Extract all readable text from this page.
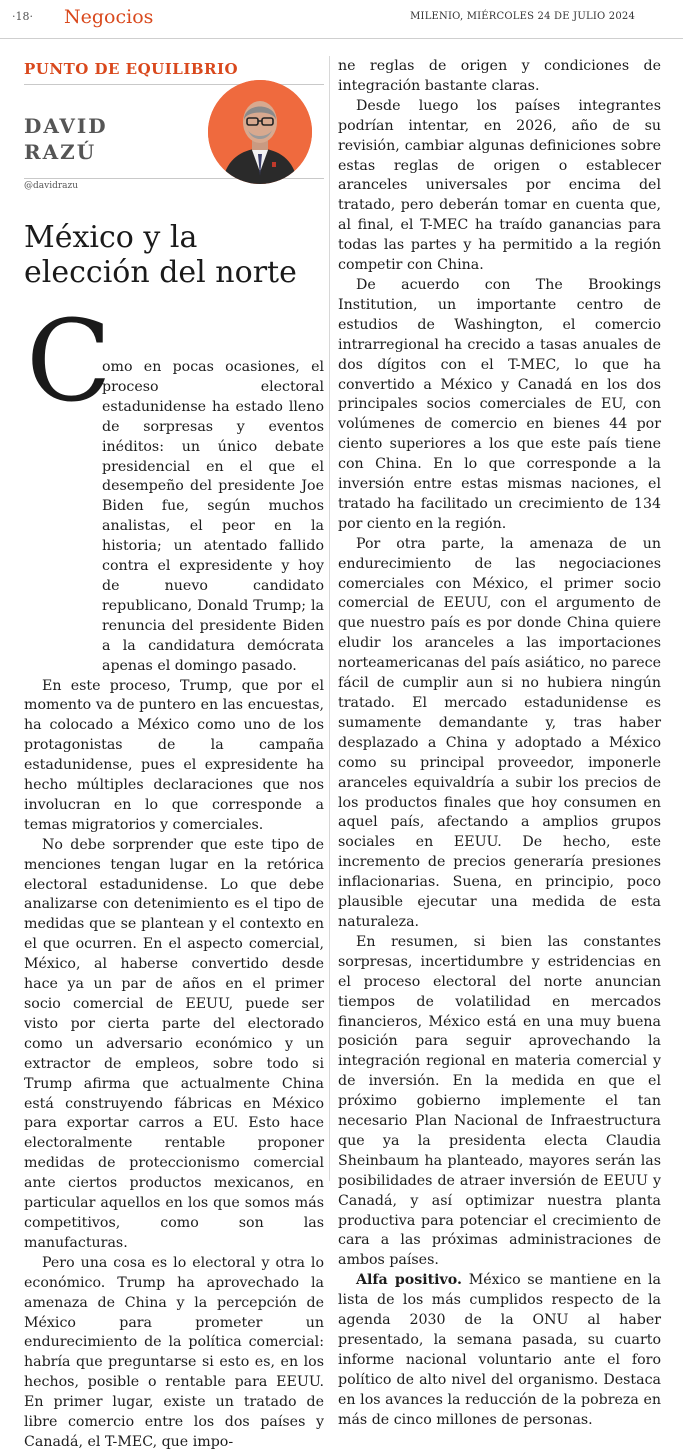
·18· Negocios	MILENIO, MIÉRCOLES 24 DE JULIO 2024
PUNTO DE EQUILIBRIO
DAVID
RAZÚ
@davidrazu
México y la elección del norte
C

omo en pocas ocasiones, el proceso electoral estadunidense ha estado lleno de sorpresas y eventos inéditos: un único debate presidencial en el que el desempeño del presidente Joe Biden fue, según muchos analistas, el peor en la historia; un atentado fallido contra el expresidente y hoy de nuevo candidato republicano, Donald Trump; la renuncia del presidente Biden a la candidatura demócrata apenas el domingo pasado.

En este proceso, Trump, que por el momento va de puntero en las encuestas, ha colocado a México como uno de los protagonistas de la campaña estadunidense, pues el expresidente ha hecho múltiples declaraciones que nos involucran en lo que corresponde a temas migratorios y comerciales.

No debe sorprender que este tipo de menciones tengan lugar en la retórica electoral estadunidense. Lo que debe analizarse con detenimiento es el tipo de medidas que se plantean y el contexto en el que ocurren. En el aspecto comercial, México, al haberse convertido desde hace ya un par de años en el primer socio comercial de EEUU, puede ser visto por cierta parte del electorado como un adversario económico y un extractor de empleos, sobre todo si Trump afirma que actualmente China está construyendo fábricas en México para exportar carros a EU. Esto hace electoralmente rentable proponer medidas de proteccionismo comercial ante ciertos productos mexicanos, en particular aquellos en los que somos más competitivos, como son las manufacturas.

Pero una cosa es lo electoral y otra lo económico. Trump ha aprovechado la amenaza de China y la percepción de México para prometer un endurecimiento de la política comercial: habría que preguntarse si esto es, en los hechos, posible o rentable para EEUU. En primer lugar, existe un tratado de libre comercio entre los dos países y Canadá, el T-MEC, que impo-

ne reglas de origen y condiciones de integración bastante claras.

Desde luego los países integrantes podrían intentar, en 2026, año de su revisión, cambiar algunas definiciones sobre estas reglas de origen o establecer aranceles universales por encima del tratado, pero deberán tomar en cuenta que, al final, el T-MEC ha traído ganancias para todas las partes y ha permitido a la región competir con China.

De acuerdo con The Brookings Institution, un importante centro de estudios de Washington, el comercio intrarregional ha crecido a tasas anuales de dos dígitos con el T-MEC, lo que ha convertido a México y Canadá en los dos principales socios comerciales de EU, con volúmenes de comercio en bienes 44 por ciento superiores a los que este país tiene con China. En lo que corresponde a la inversión entre estas mismas naciones, el tratado ha facilitado un crecimiento de 134 por ciento en la región.

Por otra parte, la amenaza de un endurecimiento de las negociaciones comerciales con México, el primer socio comercial de EEUU, con el argumento de que nuestro país es por donde China quiere eludir los aranceles a las importaciones norteamericanas del país asiático, no parece fácil de cumplir aun si no hubiera ningún tratado. El mercado estadunidense es sumamente demandante y, tras haber desplazado a China y adoptado a México como su principal proveedor, imponerle aranceles equivaldría a subir los precios de los productos finales que hoy consumen en aquel país, afectando a amplios grupos sociales en EEUU. De hecho, este incremento de precios generaría presiones inflacionarias. Suena, en principio, poco plausible ejecutar una medida de esta naturaleza.

En resumen, si bien las constantes sorpresas, incertidumbre y estridencias en el proceso electoral del norte anuncian tiempos de volatilidad en mercados financieros, México está en una muy buena posición para seguir aprovechando la integración regional en materia comercial y de inversión. En la medida en que el próximo gobierno implemente el tan necesario Plan Nacional de Infraestructura que ya la presidenta electa Claudia Sheinbaum ha planteado, mayores serán las posibilidades de atraer inversión de EEUU y Canadá, y así optimizar nuestra planta productiva para potenciar el crecimiento de cara a las próximas administraciones de ambos países.

Alfa positivo. México se mantiene en la lista de los más cumplidos respecto de la agenda 2030 de la ONU al haber presentado, la semana pasada, su cuarto informe nacional voluntario ante el foro político de alto nivel del organismo. Destaca en los avances la reducción de la pobreza en más de cinco millones de personas.
